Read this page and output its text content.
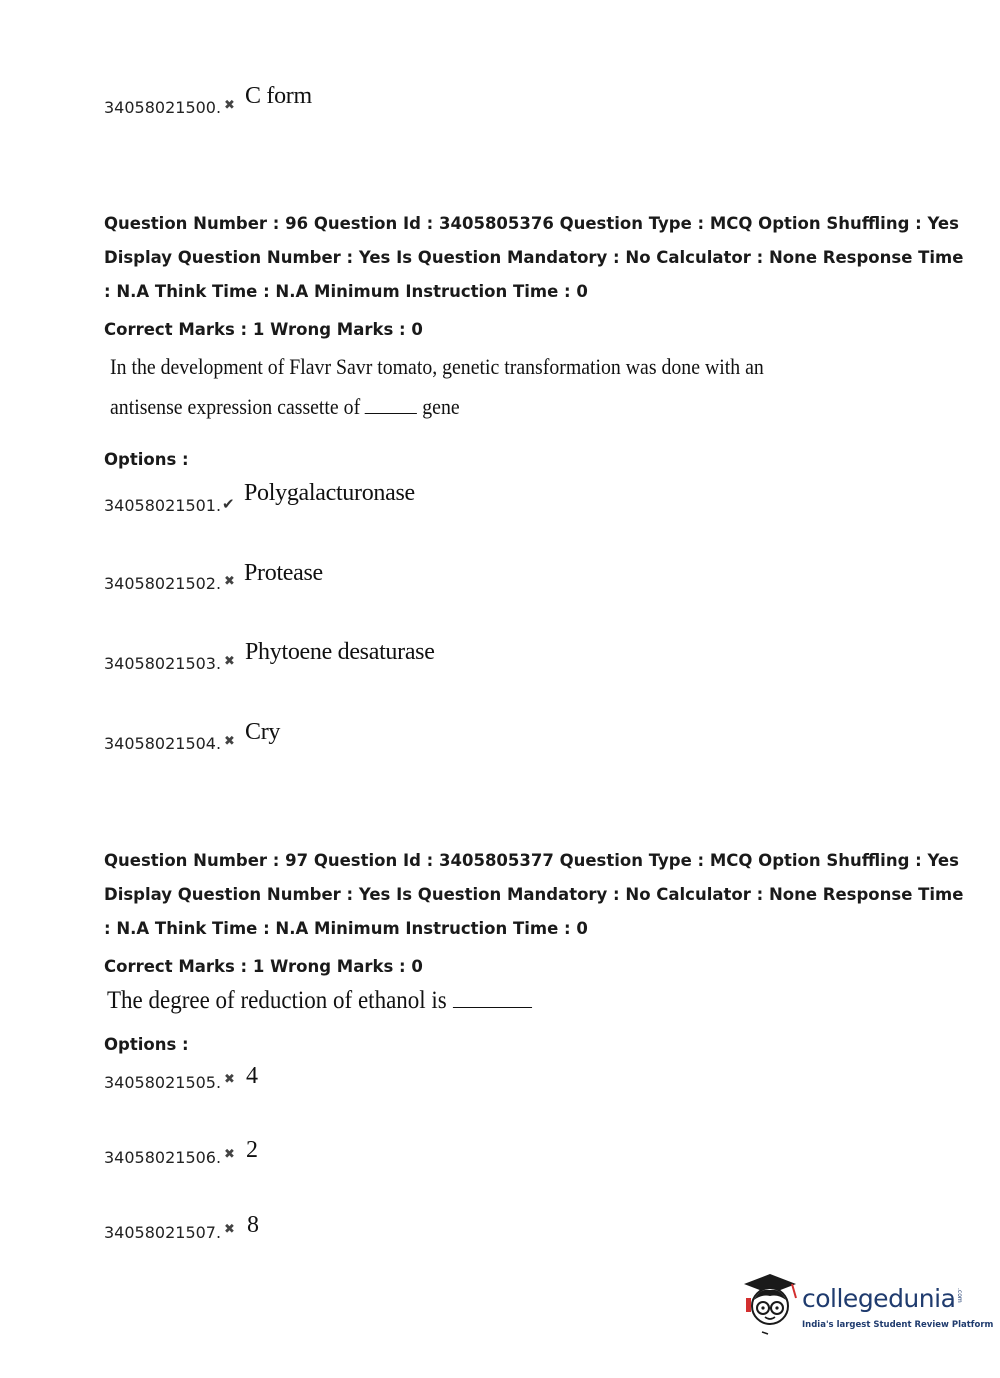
34058021500. ✖ C form
Question Number : 96 Question Id : 3405805376 Question Type : MCQ Option Shuffling : Yes
Display Question Number : Yes Is Question Mandatory : No Calculator : None Response Time
: N.A Think Time : N.A Minimum Instruction Time : 0
Correct Marks : 1 Wrong Marks : 0
In the development of Flavr Savr tomato, genetic transformation was done with an
antisense expression cassette of	gene
Options :
34058021501. ✔ Polygalacturonase
34058021502. ✖ Protease
34058021503. ✖ Phytoene desaturase
34058021504. ✖ Cry
Question Number : 97 Question Id : 3405805377 Question Type : MCQ Option Shuffling : Yes
Display Question Number : Yes Is Question Mandatory : No Calculator : None Response Time
: N.A Think Time : N.A Minimum Instruction Time : 0
Correct Marks : 1 Wrong Marks : 0
The degree of reduction of ethanol is
Options :
34058021505. ✖ 4
34058021506. ✖ 2
34058021507. ✖ 8
collegedunia .com
India's largest Student Review Platform
